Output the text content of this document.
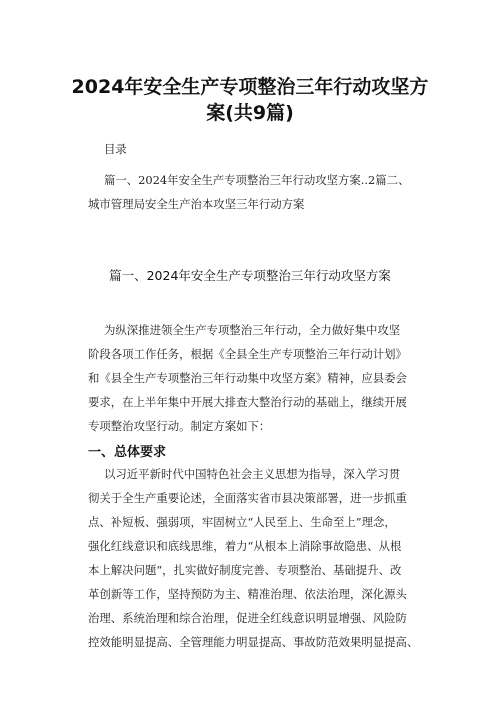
2024年安全生产专项整治三年行动攻坚方
案(共9篇)
目录
篇一、2024年安全生产专项整治三年行动攻坚方案..2篇二、
城市管理局安全生产治本攻坚三年行动方案
篇一、2024年安全生产专项整治三年行动攻坚方案
为纵深推进领全生产专项整治三年行动，全力做好集中攻坚
阶段各项工作任务，根据《全县全生产专项整治三年行动计划》
和《县全生产专项整治三年行动集中攻坚方案》精神，应县委会
要求，在上半年集中开展大排查大整治行动的基础上，继续开展
专项整治攻坚行动。制定方案如下：
一、总体要求
以习近平新时代中国特色社会主义思想为指导，深入学习贯
彻关于全生产重要论述，全面落实省市县决策部署，进一步抓重
点、补短板、强弱项，牢固树立“人民至上、生命至上”理念，
强化红线意识和底线思维，着力“从根本上消除事故隐患、从根
本上解决问题“，扎实做好制度完善、专项整治、基础提升、改
革创新等工作，坚持预防为主、精准治理、依法治理，深化源头
治理、系统治理和综合治理，促进全红线意识明显增强、风险防
控效能明显提高、全管理能力明显提高、事故防范效果明显提高、
